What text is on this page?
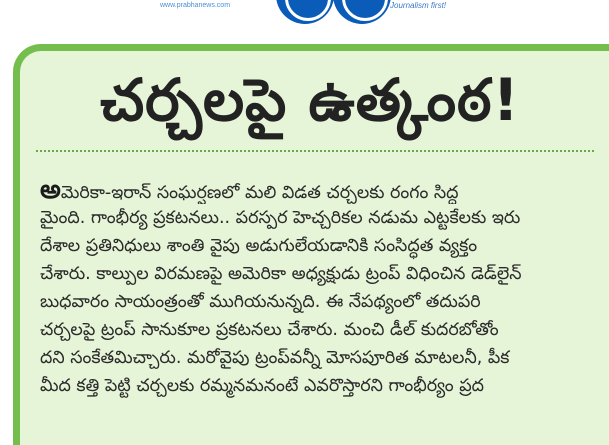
www.prabhanews.com	Journalism first!
చర్చలపై ఉత్కంఠ!
అమెరికా-ఇరాన్ సంఘర్షణలో మలి విడత చర్చలకు రంగం సిద్ధ
మైంది. గాంభీర్య ప్రకటనలు.. పరస్పర హెచ్చరికల నడుమ ఎట్టకేలకు ఇరు
దేశాల ప్రతినిధులు శాంతి వైపు అడుగులేయడానికి సంసిద్ధత వ్యక్తం
చేశారు. కాల్పుల విరమణపై అమెరికా అధ్యక్షుడు ట్రంప్ విధించిన డెడ్‌లైన్
బుధవారం సాయంత్రంతో ముగియనున్నది. ఈ నేపథ్యంలో తదుపరి
చర్చలపై ట్రంప్ సానుకూల ప్రకటనలు చేశారు. మంచి డీల్ కుదరబోతోం
దని సంకేతమిచ్చారు. మరోవైపు ట్రంప్‌వన్నీ మోసపూరిత మాటలనీ, పీక
మీద కత్తి పెట్టి చర్చలకు రమ్మనమనంటే ఎవరొస్తారని గాంభీర్యం ప్రద
